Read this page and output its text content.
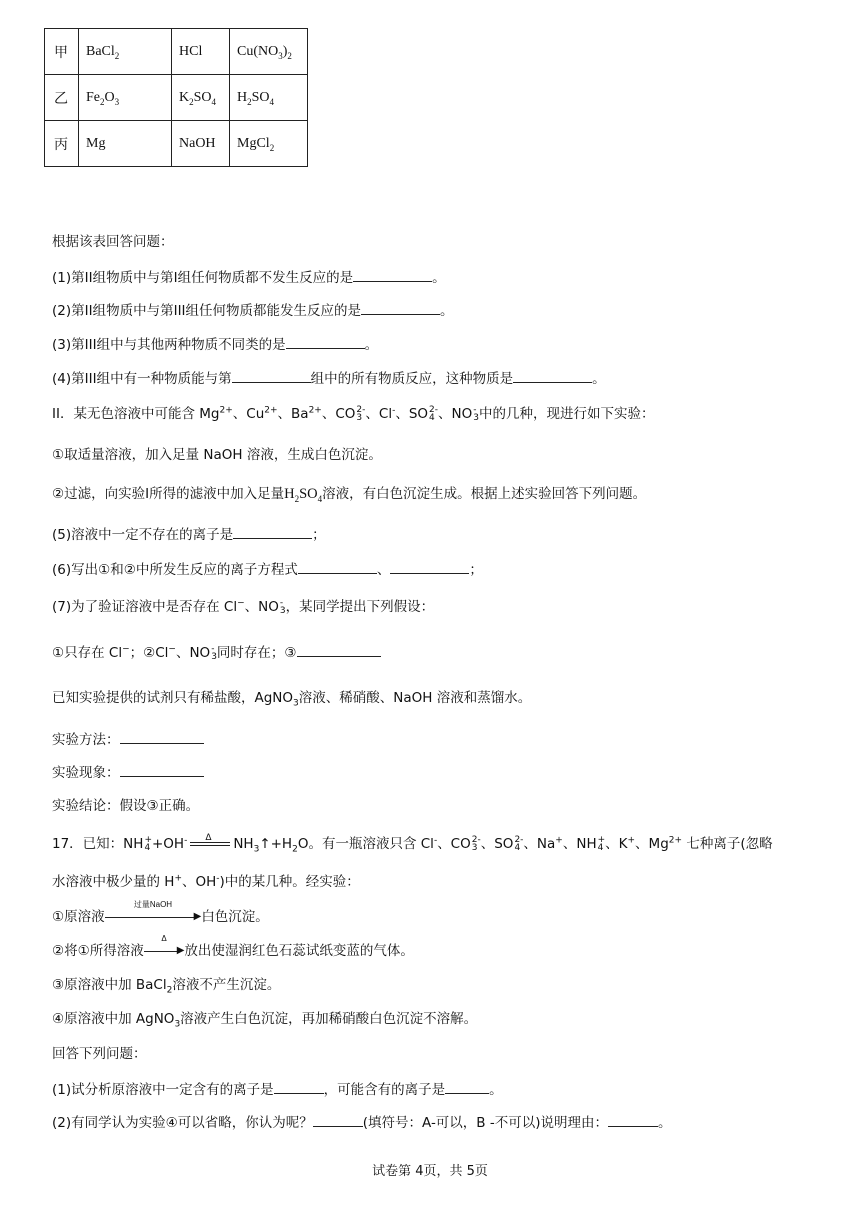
甲	BaCl$_2$	HCl	$Cu(NO_3)_2$
乙	$Fe_2O_3$	$K_2SO_4$	$H_2SO_4$
丙	Mg	NaOH	MgCl$_2$
根据该表回答问题：
(1)第II组物质中与第I组任何物质都不发生反应的是	。
(2)第II组物质中与第III组任何物质都能发生反应的是	。
(3)第III组中与其他两种物质不同类的是	。
(4)第III组中有一种物质能与第	组中的所有物质反应，这种物质是	。
II．某无色溶液中可能含 $Mg^{2+}$、$Cu^{2+}$、$Ba^{2+}$、CO 2-
3 、Cl-、SO 2-
4 、NO -
3 中的几种，现进行如下实验：
①取适量溶液，加入足量 NaOH 溶液，生成白色沉淀。
②过滤，向实验I所得的滤液中加入足量$H_2SO_4$溶液，有白色沉淀生成。根据上述实验回答下列问题。
(5)溶液中一定不存在的离子是	；
(6)写出①和②中所发生反应的离子方程式	、	；
(7)为了验证溶液中是否存在 Cl−、NO -
3 ，某同学提出下列假设：
①只存在 Cl−；②Cl−、NO -
3 同时存在；③
已知实验提供的试剂只有稀盐酸，AgNO$_3$溶液、稀硝酸、NaOH 溶液和蒸馏水。
实验方法：
实验现象：
实验结论：假设③正确。
17．已知：NH +
4 +OH- Δ $NH_3↑+H_2O$。有一瓶溶液只含 Cl-、CO 2-
3 、SO 2-
4 、Na+、NH +
4 、K+、$Mg^{2+}$ 七种离子(忽略
水溶液中极少量的 H+、OH-)中的某几种。经实验：
①原溶液
过量NaOH
▶白色沉淀。
②将①所得溶液
Δ
▶放出使湿润红色石蕊试纸变蓝的气体。
③原溶液中加 BaCl$_2$溶液不产生沉淀。
④原溶液中加 AgNO$_3$溶液产生白色沉淀，再加稀硝酸白色沉淀不溶解。
回答下列问题：
(1)试分析原溶液中一定含有的离子是	，可能含有的离子是	。
(2)有同学认为实验④可以省略，你认为呢？	(填符号：A-可以，B -不可以)说明理由：	。
试卷第 4页，共 5页
